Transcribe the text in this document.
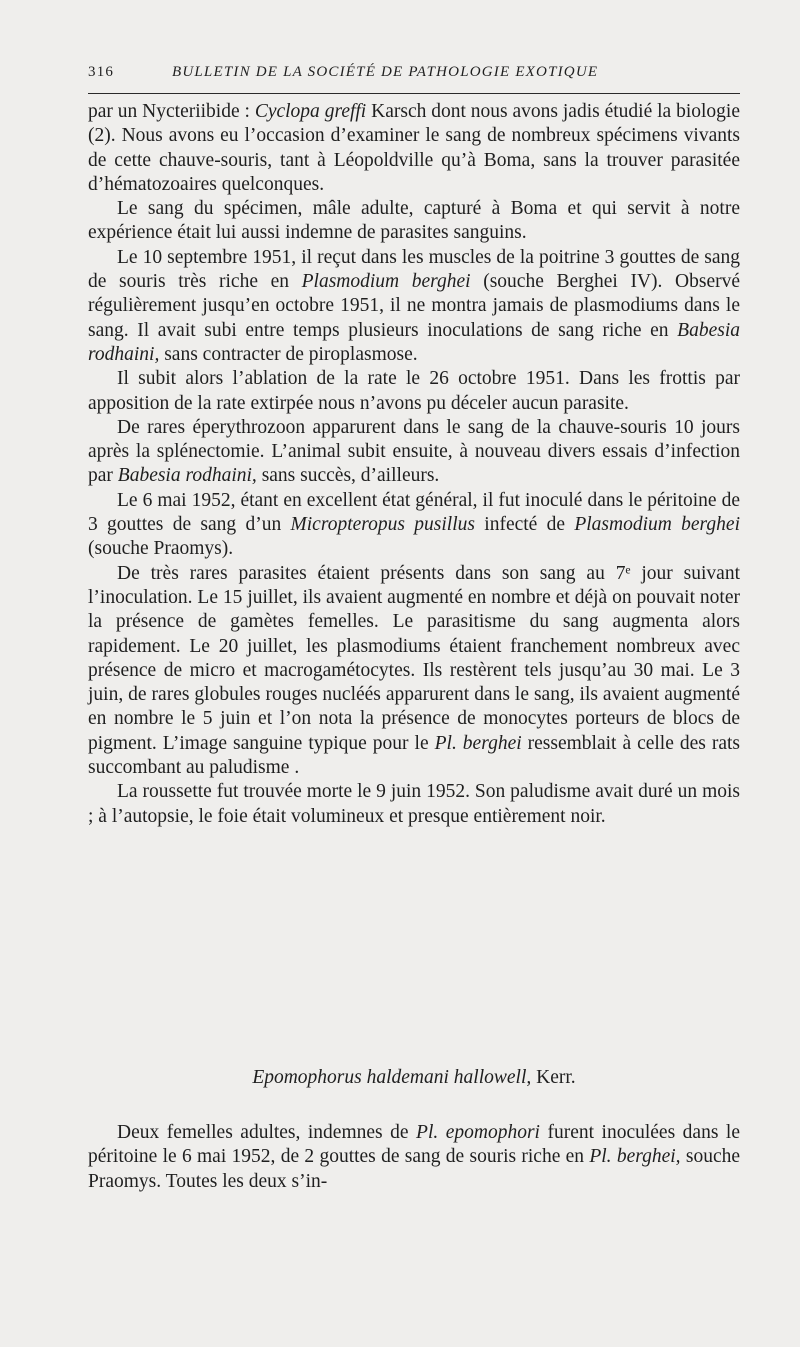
316	BULLETIN DE LA SOCIÉTÉ DE PATHOLOGIE EXOTIQUE

par un Nycteriibide : Cyclopa greffi Karsch dont nous avons jadis étudié la biologie (2). Nous avons eu l’occasion d’examiner le sang de nombreux spécimens vivants de cette chauve-souris, tant à Léopoldville qu’à Boma, sans la trouver parasitée d’hématozoaires quelconques.

Le sang du spécimen, mâle adulte, capturé à Boma et qui servit à notre expérience était lui aussi indemne de parasites sanguins.

Le 10 septembre 1951, il reçut dans les muscles de la poitrine 3 gouttes de sang de souris très riche en Plasmodium berghei (souche Berghei IV). Observé régulièrement jusqu’en octobre 1951, il ne montra jamais de plasmodiums dans le sang. Il avait subi entre temps plusieurs inoculations de sang riche en Babesia rodhaini, sans contracter de piroplasmose.

Il subit alors l’ablation de la rate le 26 octobre 1951. Dans les frottis par apposition de la rate extirpée nous n’avons pu déceler aucun parasite.

De rares éperythrozoon apparurent dans le sang de la chauve-souris 10 jours après la splénectomie. L’animal subit ensuite, à nouveau divers essais d’infection par Babesia rodhaini, sans succès, d’ailleurs.

Le 6 mai 1952, étant en excellent état général, il fut inoculé dans le péritoine de 3 gouttes de sang d’un Micropteropus pusillus infecté de Plasmodium berghei (souche Praomys).

De très rares parasites étaient présents dans son sang au 7ᵉ jour suivant l’inoculation. Le 15 juillet, ils avaient augmenté en nombre et déjà on pouvait noter la présence de gamètes femelles. Le parasitisme du sang augmenta alors rapidement. Le 20 juillet, les plasmodiums étaient franchement nombreux avec présence de micro et macrogamétocytes. Ils restèrent tels jusqu’au 30 mai. Le 3 juin, de rares globules rouges nucléés apparurent dans le sang, ils avaient augmenté en nombre le 5 juin et l’on nota la présence de monocytes porteurs de blocs de pigment. L’image sanguine typique pour le Pl. berghei ressemblait à celle des rats succombant au paludisme .

La roussette fut trouvée morte le 9 juin 1952. Son paludisme avait duré un mois ; à l’autopsie, le foie était volumineux et presque entièrement noir.

Epomophorus haldemani hallowell, Kerr.

Deux femelles adultes, indemnes de Pl. epomophori furent inoculées dans le péritoine le 6 mai 1952, de 2 gouttes de sang de souris riche en Pl. berghei, souche Praomys. Toutes les deux s’in-
